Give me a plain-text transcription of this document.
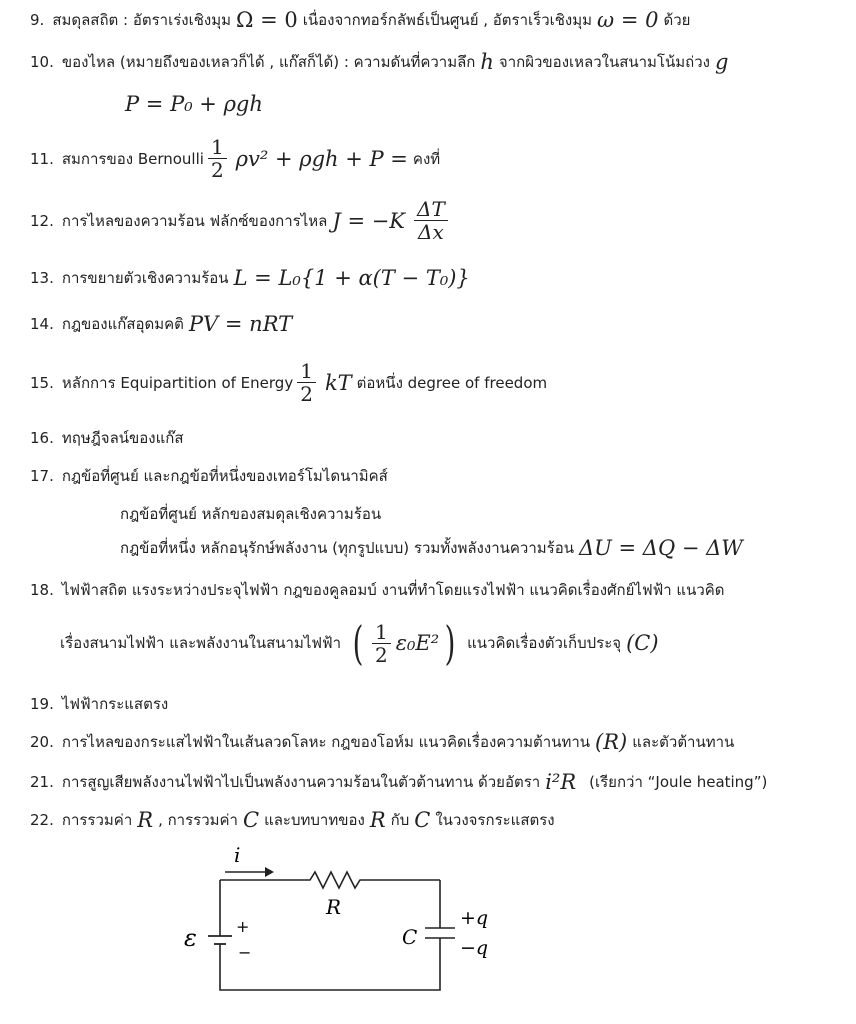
9. สมดุลสถิต : อัตราเร่งเชิงมุม Ω = 0 เนื่องจากทอร์กลัพธ์เป็นศูนย์ , อัตราเร็วเชิงมุม ω = 0 ด้วย
10. ของไหล (หมายถึงของเหลวก็ได้ , แก๊สก็ได้) : ความดันที่ความลึก h จากผิวของเหลวในสนามโน้มถ่วง g
P = P₀ + ρgh
11. สมการของ Bernoulli $\frac{1}{2} \rho v^2 + \rho gh + P$ = คงที่
12. การไหลของความร้อน ฟลักซ์ของการไหล $J = -K \frac{\Delta T}{\Delta x}$
13. การขยายตัวเชิงความร้อน L = L₀{1 + α(T − T₀)}
14. กฎของแก๊สอุดมคติ PV = nRT
15. หลักการ Equipartition of Energy $\frac{1}{2}$ kT ต่อหนึ่ง degree of freedom
16. ทฤษฎีจลน์ของแก๊ส
17. กฎข้อที่ศูนย์ และกฎข้อที่หนึ่งของเทอร์โมไดนามิคส์
กฎข้อที่ศูนย์ หลักของสมดุลเชิงความร้อน
กฎข้อที่หนึ่ง หลักอนุรักษ์พลังงาน (ทุกรูปแบบ) รวมทั้งพลังงานความร้อน ΔU = ΔQ − ΔW
18. ไฟฟ้าสถิต แรงระหว่างประจุไฟฟ้า กฎของคูลอมบ์ งานที่ทำโดยแรงไฟฟ้า แนวคิดเรื่องศักย์ไฟฟ้า แนวคิด
เรื่องสนามไฟฟ้า และพลังงานในสนามไฟฟ้า ( $\frac{1}{2} \varepsilon_0E^2$ ) แนวคิดเรื่องตัวเก็บประจุ (C)
19. ไฟฟ้ากระแสตรง
20. การไหลของกระแสไฟฟ้าในเส้นลวดโลหะ กฎของโอห์ม แนวคิดเรื่องความต้านทาน (R) และตัวต้านทาน
21. การสูญเสียพลังงานไฟฟ้าไปเป็นพลังงานความร้อนในตัวต้านทาน ด้วยอัตรา i²R (เรียกว่า “Joule heating”)
22. การรวมค่า R , การรวมค่า C และบทบาทของ R กับ C ในวงจรกระแสตรง
i
R
C
+q
−q
ε +
−
